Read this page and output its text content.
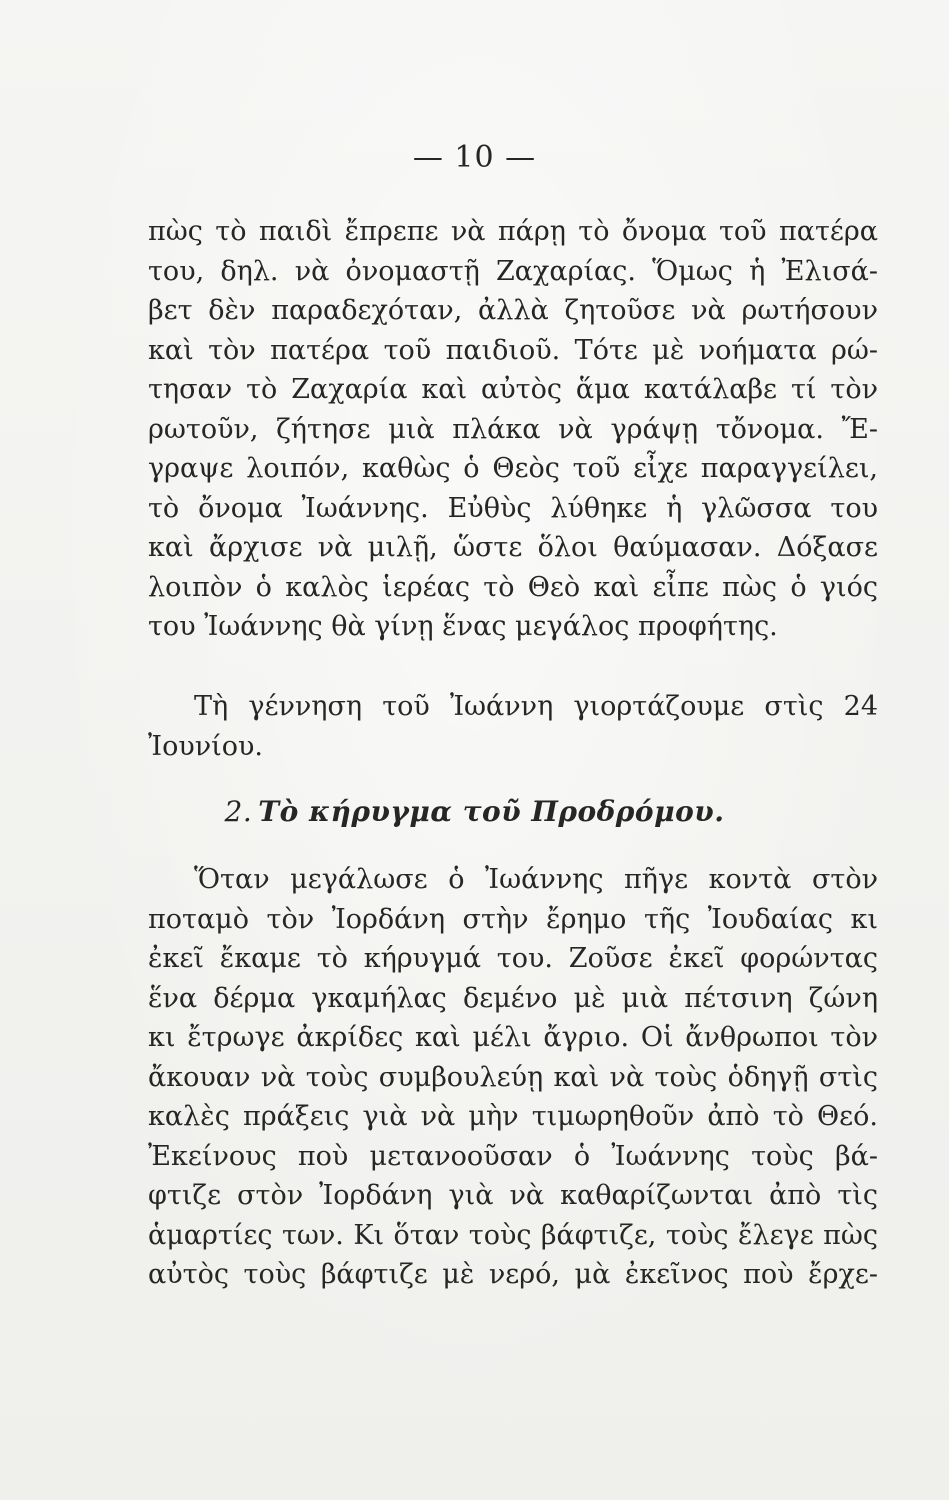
— 10 —
πὼς τὸ παιδὶ ἔπρεπε νὰ πάρῃ τὸ ὄνομα τοῦ πατέρα
του, δηλ. νὰ ὀνομαστῇ Ζαχαρίας. Ὅμως ἡ Ἐλισά-
βετ δὲν παραδεχόταν, ἀλλὰ ζητοῦσε νὰ ρωτήσουν
καὶ τὸν πατέρα τοῦ παιδιοῦ. Τότε μὲ νοήματα ρώ-
τησαν τὸ Ζαχαρία καὶ αὐτὸς ἅμα κατάλαβε τί τὸν
ρωτοῦν, ζήτησε μιὰ πλάκα νὰ γράψῃ τὄνομα. Ἔ-
γραψε λοιπόν, καθὼς ὁ Θεὸς τοῦ εἶχε παραγγείλει,
τὸ ὄνομα Ἰωάννης. Εὐθὺς λύθηκε ἡ γλῶσσα του
καὶ ἄρχισε νὰ μιλῇ, ὥστε ὅλοι θαύμασαν. Δόξασε
λοιπὸν ὁ καλὸς ἱερέας τὸ Θεὸ καὶ εἶπε πὼς ὁ γιός
του Ἰωάννης θὰ γίνῃ ἕνας μεγάλος προφήτης.
Τὴ γέννηση τοῦ Ἰωάννη γιορτάζουμε στὶς 24
Ἰουνίου.
2. Τὸ κήρυγμα τοῦ Προδρόμου.
Ὅταν μεγάλωσε ὁ Ἰωάννης πῆγε κοντὰ στὸν
ποταμὸ τὸν Ἰορδάνη στὴν ἔρημο τῆς Ἰουδαίας κι
ἐκεῖ ἔκαμε τὸ κήρυγμά του. Ζοῦσε ἐκεῖ φορώντας
ἕνα δέρμα γκαμήλας δεμένο μὲ μιὰ πέτσινη ζώνη
κι ἔτρωγε ἀκρίδες καὶ μέλι ἄγριο. Οἱ ἄνθρωποι τὸν
ἄκουαν νὰ τοὺς συμβουλεύῃ καὶ νὰ τοὺς ὁδηγῇ στὶς
καλὲς πράξεις γιὰ νὰ μὴν τιμωρηθοῦν ἀπὸ τὸ Θεό.
Ἐκείνους ποὺ μετανοοῦσαν ὁ Ἰωάννης τοὺς βά-
φτιζε στὸν Ἰορδάνη γιὰ νὰ καθαρίζωνται ἀπὸ τὶς
ἁμαρτίες των. Κι ὅταν τοὺς βάφτιζε, τοὺς ἔλεγε πὼς
αὐτὸς τοὺς βάφτιζε μὲ νερό, μὰ ἐκεῖνος ποὺ ἔρχε-
